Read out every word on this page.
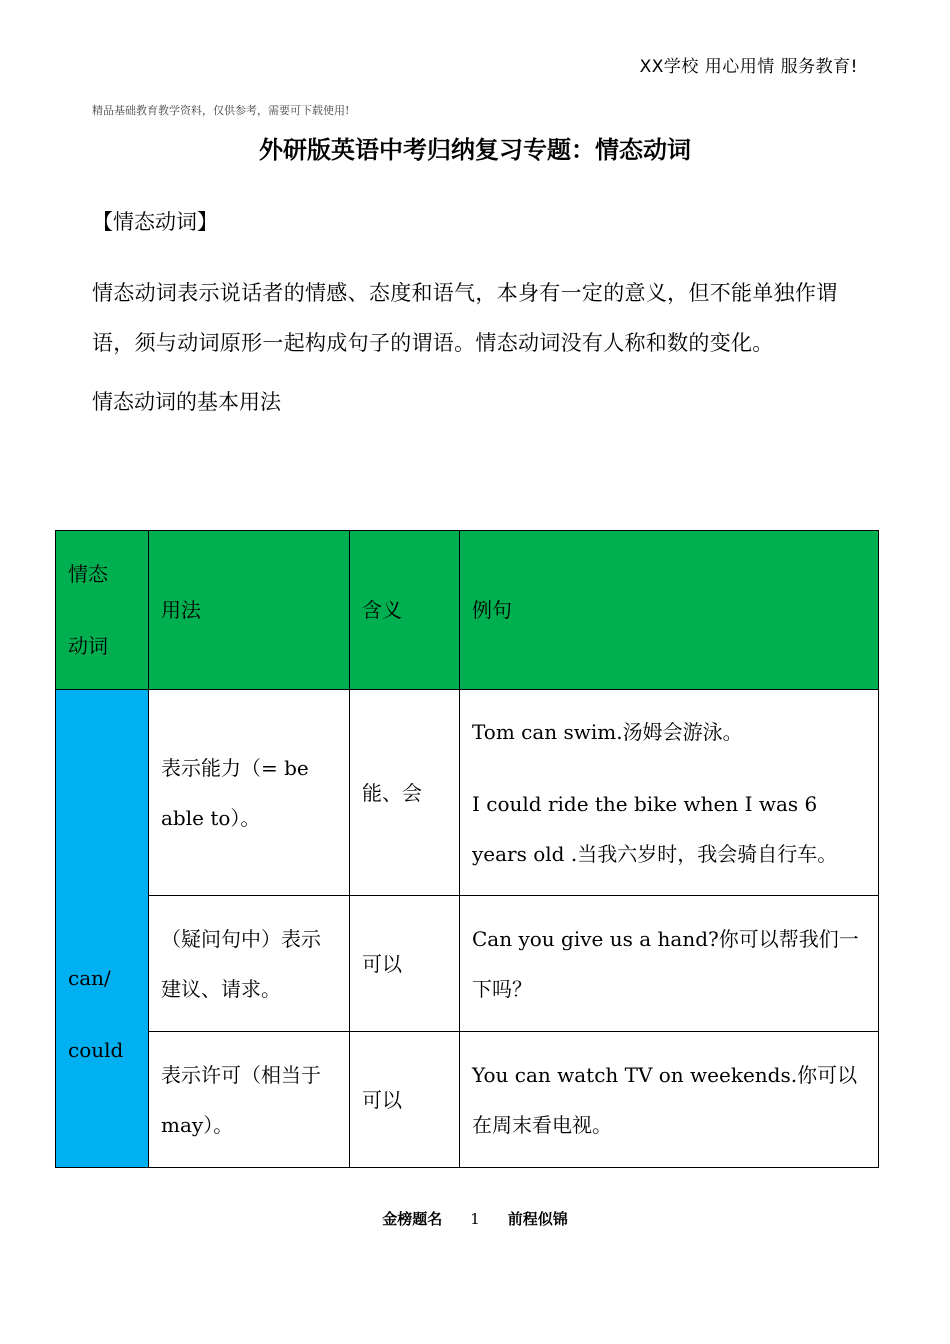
XX学校 用心用情 服务教育!
精品基础教育教学资料，仅供参考，需要可下载使用!
外研版英语中考归纳复习专题：情态动词
【情态动词】
情态动词表示说话者的情感、态度和语气，本身有一定的意义，但不能单独作谓语，须与动词原形一起构成句子的谓语。情态动词没有人称和数的变化。
情态动词的基本用法
情态
动词	用法	含义	例句

can/
could	表示能力（= be able to）。	能、会	Tom can swim.汤姆会游泳。
I could ride the bike when I was 6 years old .当我六岁时，我会骑自行车。

	（疑问句中）表示建议、请求。	可以	Can you give us a hand?你可以帮我们一下吗？

	表示许可（相当于 may）。	可以	You can watch TV on weekends.你可以在周末看电视。
金榜题名 1 前程似锦
